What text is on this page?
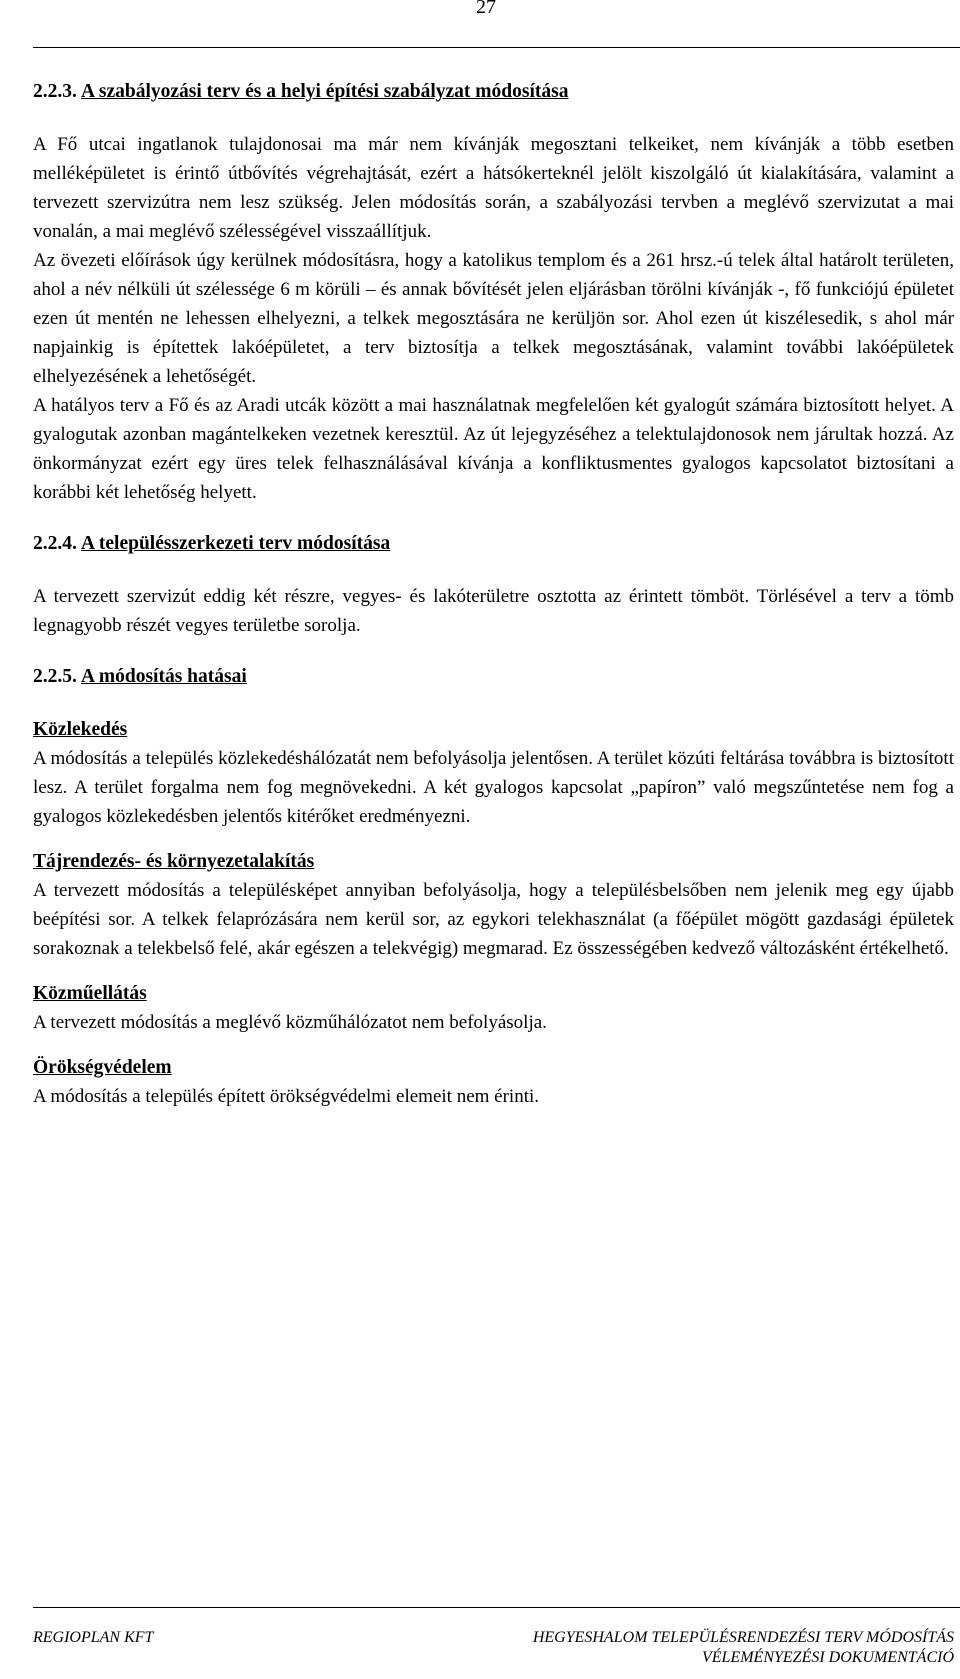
27
2.2.3. A szabályozási terv és a helyi építési szabályzat módosítása

A Fő utcai ingatlanok tulajdonosai ma már nem kívánják megosztani telkeiket, nem kívánják a több esetben melléképületet is érintő útbővítés végrehajtását, ezért a hátsókerteknél jelölt kiszolgáló út kialakítására, valamint a tervezett szervizútra nem lesz szükség. Jelen módosítás során, a szabályozási tervben a meglévő szervizutat a mai vonalán, a mai meglévő szélességével visszaállítjuk.

Az övezeti előírások úgy kerülnek módosításra, hogy a katolikus templom és a 261 hrsz.-ú telek által határolt területen, ahol a név nélküli út szélessége 6 m körüli – és annak bővítését jelen eljárásban törölni kívánják -, fő funkciójú épületet ezen út mentén ne lehessen elhelyezni, a telkek megosztására ne kerüljön sor. Ahol ezen út kiszélesedik, s ahol már napjainkig is építettek lakóépületet, a terv biztosítja a telkek megosztásának, valamint további lakóépületek elhelyezésének a lehetőségét.

A hatályos terv a Fő és az Aradi utcák között a mai használatnak megfelelően két gyalogút számára biztosított helyet. A gyalogutak azonban magántelkeken vezetnek keresztül. Az út lejegyzéséhez a telektulajdonosok nem járultak hozzá. Az önkormányzat ezért egy üres telek felhasználásával kívánja a konfliktusmentes gyalogos kapcsolatot biztosítani a korábbi két lehetőség helyett.

2.2.4. A településszerkezeti terv módosítása

A tervezett szervizút eddig két részre, vegyes- és lakóterületre osztotta az érintett tömböt. Törlésével a terv a tömb legnagyobb részét vegyes területbe sorolja.

2.2.5. A módosítás hatásai
Közlekedés

A módosítás a település közlekedéshálózatát nem befolyásolja jelentősen. A terület közúti feltárása továbbra is biztosított lesz. A terület forgalma nem fog megnövekedni. A két gyalogos kapcsolat „papíron” való megszűntetése nem fog a gyalogos közlekedésben jelentős kitérőket eredményezni.

Tájrendezés- és környezetalakítás

A tervezett módosítás a településképet annyiban befolyásolja, hogy a településbelsőben nem jelenik meg egy újabb beépítési sor. A telkek felaprózására nem kerül sor, az egykori telekhasználat (a főépület mögött gazdasági épületek sorakoznak a telekbelső felé, akár egészen a telekvégig) megmarad. Ez összességében kedvező változásként értékelhető.

Közműellátás

A tervezett módosítás a meglévő közműhálózatot nem befolyásolja.

Örökségvédelem

A módosítás a település épített örökségvédelmi elemeit nem érinti.

REGIOPLAN KFT	HEGYESHALOM TELEPÜLÉSRENDEZÉSI TERV MÓDOSÍTÁS
VÉLEMÉNYEZÉSI DOKUMENTÁCIÓ
